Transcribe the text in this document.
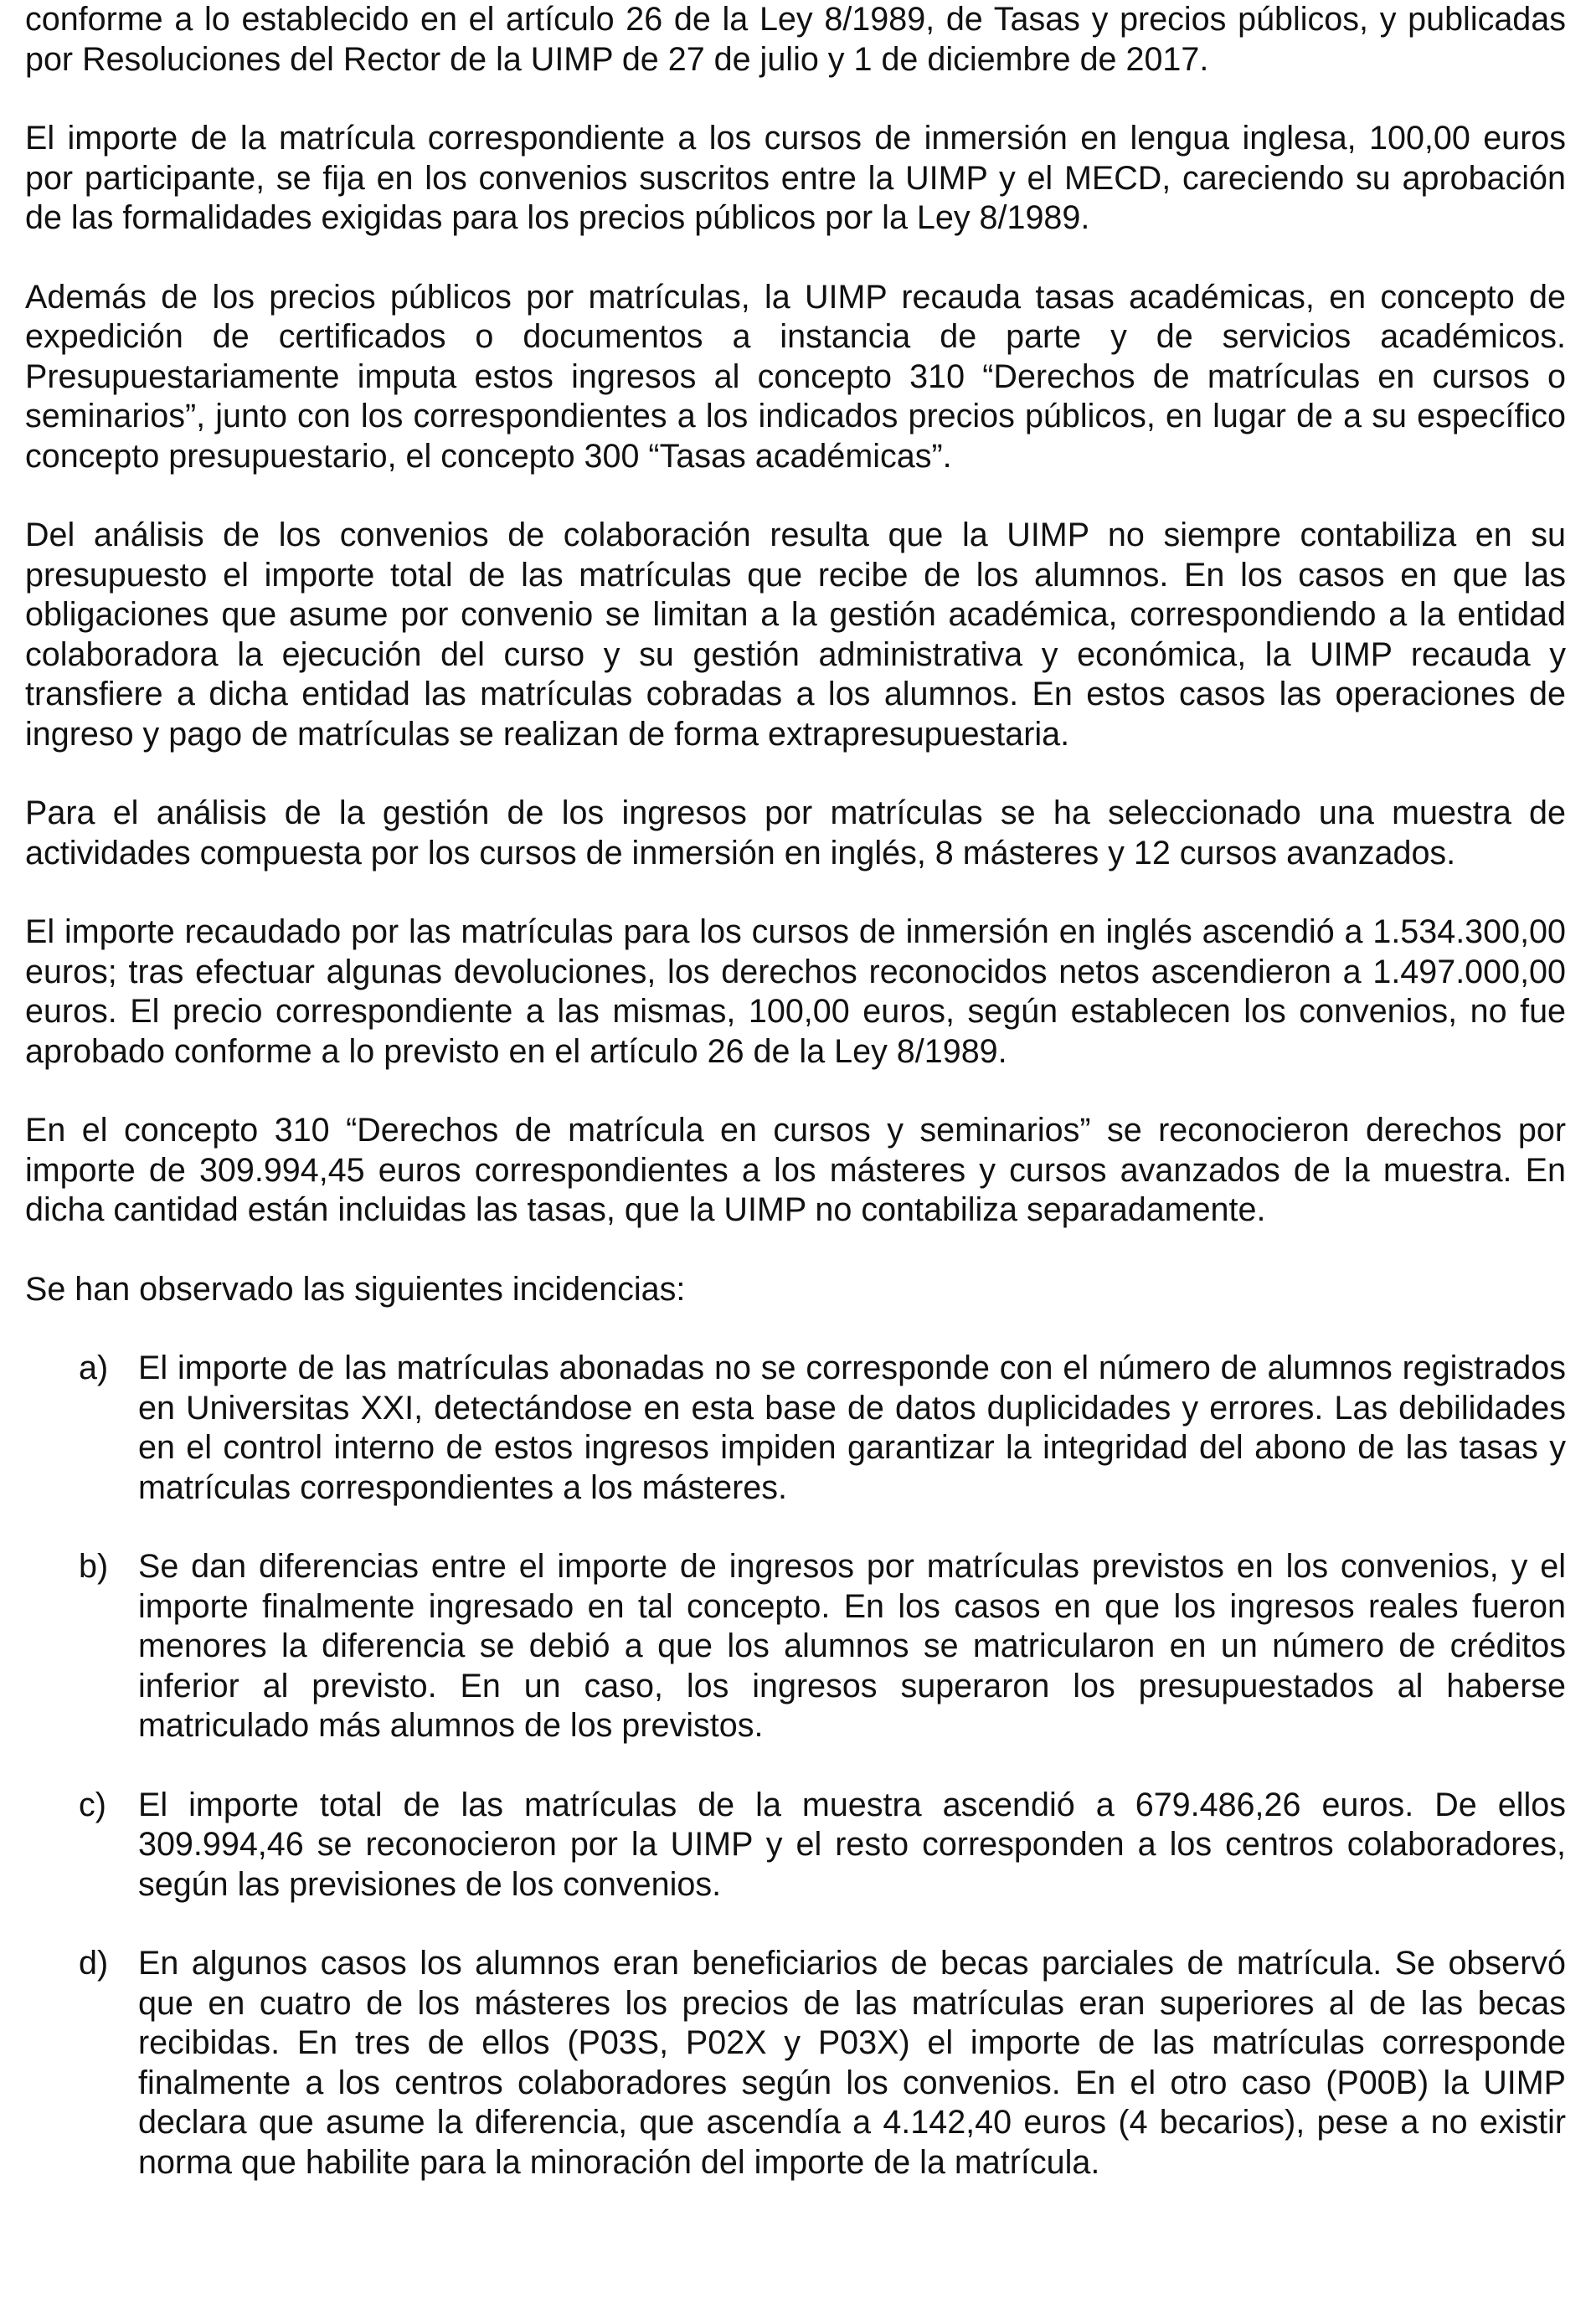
conforme a lo establecido en el artículo 26 de la Ley 8/1989, de Tasas y precios públicos, y publicadas por Resoluciones del Rector de la UIMP de 27 de julio y 1 de diciembre de 2017.

El importe de la matrícula correspondiente a los cursos de inmersión en lengua inglesa, 100,00 euros por participante, se fija en los convenios suscritos entre la UIMP y el MECD, careciendo su aprobación de las formalidades exigidas para los precios públicos por la Ley 8/1989.

Además de los precios públicos por matrículas, la UIMP recauda tasas académicas, en concepto de expedición de certificados o documentos a instancia de parte y de servicios académicos. Presupuestariamente imputa estos ingresos al concepto 310 “Derechos de matrículas en cursos o seminarios”, junto con los correspondientes a los indicados precios públicos, en lugar de a su específico concepto presupuestario, el concepto 300 “Tasas académicas”.

Del análisis de los convenios de colaboración resulta que la UIMP no siempre contabiliza en su presupuesto el importe total de las matrículas que recibe de los alumnos. En los casos en que las obligaciones que asume por convenio se limitan a la gestión académica, correspondiendo a la entidad colaboradora la ejecución del curso y su gestión administrativa y económica, la UIMP recauda y transfiere a dicha entidad las matrículas cobradas a los alumnos. En estos casos las operaciones de ingreso y pago de matrículas se realizan de forma extrapresupuestaria.

Para el análisis de la gestión de los ingresos por matrículas se ha seleccionado una muestra de actividades compuesta por los cursos de inmersión en inglés, 8 másteres y 12 cursos avanzados.

El importe recaudado por las matrículas para los cursos de inmersión en inglés ascendió a 1.534.300,00 euros; tras efectuar algunas devoluciones, los derechos reconocidos netos ascendieron a 1.497.000,00 euros. El precio correspondiente a las mismas, 100,00 euros, según establecen los convenios, no fue aprobado conforme a lo previsto en el artículo 26 de la Ley 8/1989.

En el concepto 310 “Derechos de matrícula en cursos y seminarios” se reconocieron derechos por importe de 309.994,45 euros correspondientes a los másteres y cursos avanzados de la muestra. En dicha cantidad están incluidas las tasas, que la UIMP no contabiliza separadamente.

Se han observado las siguientes incidencias:

a) El importe de las matrículas abonadas no se corresponde con el número de alumnos registrados en Universitas XXI, detectándose en esta base de datos duplicidades y errores. Las debilidades en el control interno de estos ingresos impiden garantizar la integridad del abono de las tasas y matrículas correspondientes a los másteres.
b) Se dan diferencias entre el importe de ingresos por matrículas previstos en los convenios, y el importe finalmente ingresado en tal concepto. En los casos en que los ingresos reales fueron menores la diferencia se debió a que los alumnos se matricularon en un número de créditos inferior al previsto. En un caso, los ingresos superaron los presupuestados al haberse matriculado más alumnos de los previstos.
c) El importe total de las matrículas de la muestra ascendió a 679.486,26 euros. De ellos 309.994,46 se reconocieron por la UIMP y el resto corresponden a los centros colaboradores, según las previsiones de los convenios.
d) En algunos casos los alumnos eran beneficiarios de becas parciales de matrícula. Se observó que en cuatro de los másteres los precios de las matrículas eran superiores al de las becas recibidas. En tres de ellos (P03S, P02X y P03X) el importe de las matrículas corresponde finalmente a los centros colaboradores según los convenios. En el otro caso (P00B) la UIMP declara que asume la diferencia, que ascendía a 4.142,40 euros (4 becarios), pese a no existir norma que habilite para la minoración del importe de la matrícula.
